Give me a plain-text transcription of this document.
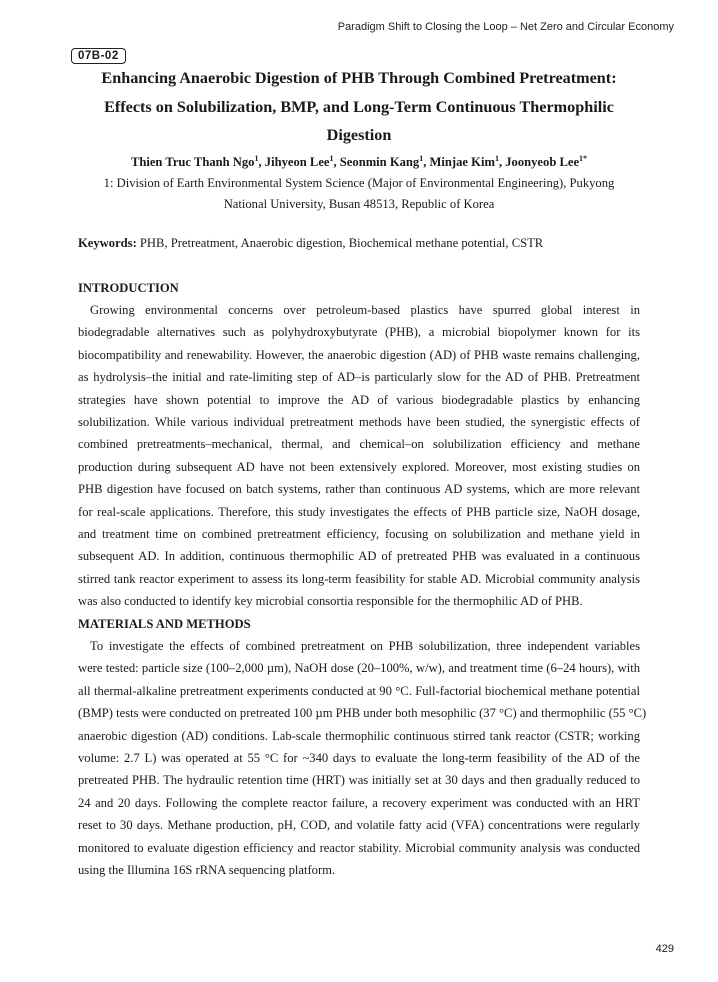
Paradigm Shift to Closing the Loop – Net Zero and Circular Economy
07B-02
Enhancing Anaerobic Digestion of PHB Through Combined Pretreatment: Effects on Solubilization, BMP, and Long-Term Continuous Thermophilic Digestion
Thien Truc Thanh Ngo$^1$, Jihyeon Lee$^1$, Seonmin Kang$^1$, Minjae Kim$^1$, Joonyeob Lee$^{1*}$
1: Division of Earth Environmental System Science (Major of Environmental Engineering), Pukyong
National University, Busan 48513, Republic of Korea
Keywords: PHB, Pretreatment, Anaerobic digestion, Biochemical methane potential, CSTR
INTRODUCTION
Growing environmental concerns over petroleum-based plastics have spurred global interest in
biodegradable alternatives such as polyhydroxybutyrate (PHB), a microbial biopolymer known for its
biocompatibility and renewability. However, the anaerobic digestion (AD) of PHB waste remains challenging,
as hydrolysis–the initial and rate-limiting step of AD–is particularly slow for the AD of PHB. Pretreatment
strategies have shown potential to improve the AD of various biodegradable plastics by enhancing
solubilization. While various individual pretreatment methods have been studied, the synergistic effects of
combined pretreatments–mechanical, thermal, and chemical–on solubilization efficiency and methane
production during subsequent AD have not been extensively explored. Moreover, most existing studies on
PHB digestion have focused on batch systems, rather than continuous AD systems, which are more relevant
for real-scale applications. Therefore, this study investigates the effects of PHB particle size, NaOH dosage,
and treatment time on combined pretreatment efficiency, focusing on solubilization and methane yield in
subsequent AD. In addition, continuous thermophilic AD of pretreated PHB was evaluated in a continuous
stirred tank reactor experiment to assess its long-term feasibility for stable AD. Microbial community analysis
was also conducted to identify key microbial consortia responsible for the thermophilic AD of PHB.
MATERIALS AND METHODS
To investigate the effects of combined pretreatment on PHB solubilization, three independent variables
were tested: particle size (100–2,000 µm), NaOH dose (20–100%, w/w), and treatment time (6–24 hours), with
all thermal-alkaline pretreatment experiments conducted at 90 °C. Full-factorial biochemical methane potential
(BMP) tests were conducted on pretreated 100 µm PHB under both mesophilic (37 °C) and thermophilic (55 °C)
anaerobic digestion (AD) conditions. Lab-scale thermophilic continuous stirred tank reactor (CSTR; working
volume: 2.7 L) was operated at 55 °C for ~340 days to evaluate the long-term feasibility of the AD of the
pretreated PHB. The hydraulic retention time (HRT) was initially set at 30 days and then gradually reduced to
24 and 20 days. Following the complete reactor failure, a recovery experiment was conducted with an HRT
reset to 30 days. Methane production, pH, COD, and volatile fatty acid (VFA) concentrations were regularly
monitored to evaluate digestion efficiency and reactor stability. Microbial community analysis was conducted
using the Illumina 16S rRNA sequencing platform.
429
